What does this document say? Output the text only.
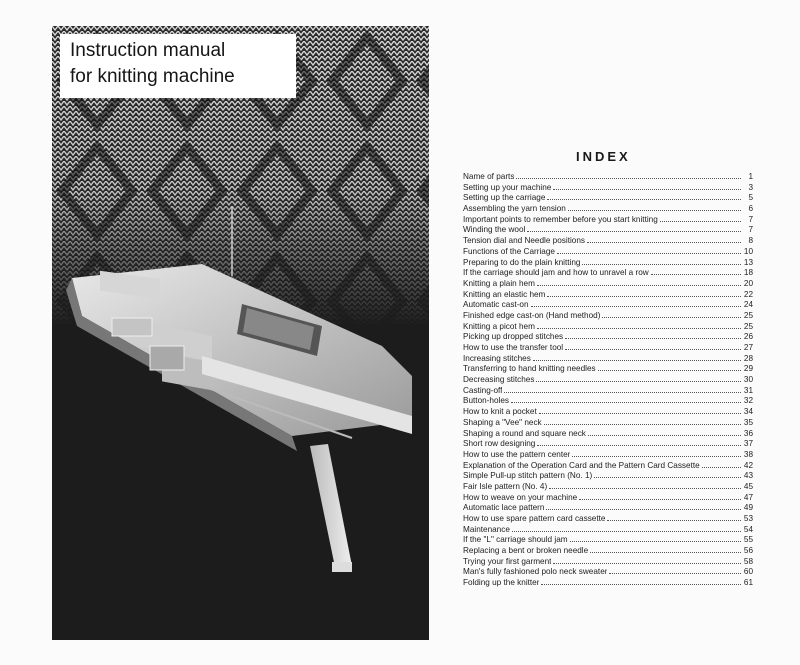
Instruction manual
for knitting machine
INDEX
Name of parts	1
Setting up your machine	3
Setting up the carriage	5
Assembling the yarn tension	6
Important points to remember before you start knitting	7
Winding the wool	7
Tension dial and Needle positions	8
Functions of the Carriage	10
Preparing to do the plain knitting	13
If the carriage should jam and how to unravel a row	18
Knitting a plain hem	20
Knitting an elastic hem	22
Automatic cast-on	24
Finished edge cast-on (Hand method)	25
Knitting a picot hem	25
Picking up dropped stitches	26
How to use the transfer tool	27
Increasing stitches	28
Transferring to hand knitting needles	29
Decreasing stitches	30
Casting-off	31
Button-holes	32
How to knit a pocket	34
Shaping a "Vee" neck	35
Shaping a round and square neck	36
Short row designing	37
How to use the pattern center	38
Explanation of the Operation Card and the Pattern Card Cassette	42
Simple Pull-up stitch pattern (No. 1)	43
Fair Isle pattern (No. 4)	45
How to weave on your machine	47
Automatic lace pattern	49
How to use spare pattern card cassette	53
Maintenance	54
If the "L" carriage should jam	55
Replacing a bent or broken needle	56
Trying your first garment	58
Man's fully fashioned polo neck sweater	60
Folding up the knitter	61
